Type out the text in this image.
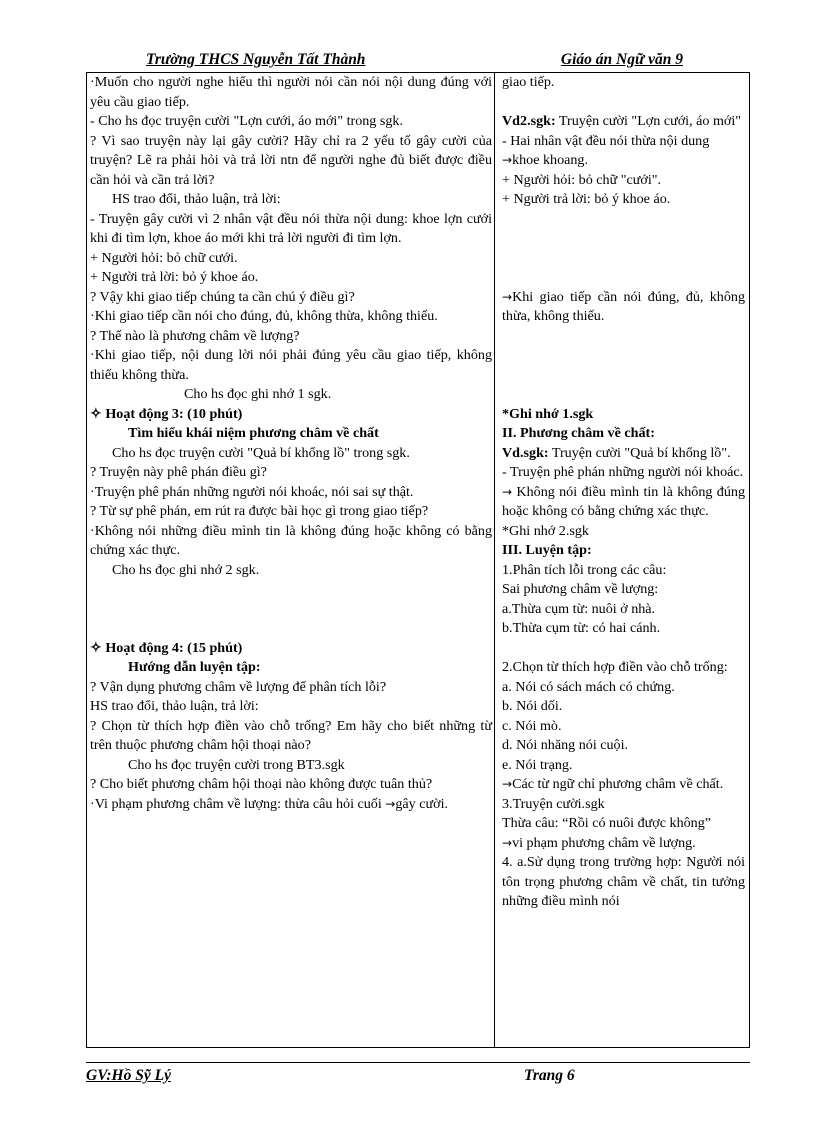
Trường THCS Nguyễn Tất Thành	Giáo án Ngữ văn 9

·Muốn cho người nghe hiểu thì người nói cần nói nội dung đúng với yêu cầu giao tiếp.

- Cho hs đọc truyện cười "Lợn cưới, áo mới" trong sgk.

? Vì sao truyện này lại gây cười? Hãy chỉ ra 2 yếu tố gây cười của truyện? Lẽ ra phải hỏi và trả lời ntn để người nghe đủ biết được điều cần hỏi và cần trả lời?

HS trao đổi, thảo luận, trả lời:

- Truyện gây cười vì 2 nhân vật đều nói thừa nội dung: khoe lợn cưới khi đi tìm lợn, khoe áo mới khi trả lời người đi tìm lợn.

+ Người hỏi: bỏ chữ cưới.

+ Người trả lời: bỏ ý khoe áo.

? Vậy khi giao tiếp chúng ta cần chú ý điều gì?

·Khi giao tiếp cần nói cho đúng, đủ, không thừa, không thiếu.

? Thế nào là phương châm về lượng?

·Khi giao tiếp, nội dung lời nói phải đúng yêu cầu giao tiếp, không thiếu không thừa.

Cho hs đọc ghi nhớ 1 sgk.

✧ Hoạt động 3: (10 phút)

Tìm hiểu khái niệm phương châm về chất

Cho hs đọc truyện cười "Quả bí khổng lồ" trong sgk.

? Truyện này phê phán điều gì?

·Truyện phê phán những người nói khoác, nói sai sự thật.

? Từ sự phê phán, em rút ra được bài học gì trong giao tiếp?

·Không nói những điều mình tin là không đúng hoặc không có bằng chứng xác thực.

Cho hs đọc ghi nhớ 2 sgk.

✧ Hoạt động 4: (15 phút)

Hướng dẫn luyện tập:

? Vận dụng phương châm về lượng để phân tích lỗi?

HS trao đổi, thảo luận, trả lời:

? Chọn từ thích hợp điền vào chỗ trống? Em hãy cho biết những từ trên thuộc phương châm hội thoại nào?

Cho hs đọc truyện cười trong BT3.sgk

? Cho biết phương châm hội thoại nào không được tuân thủ?

·Vi phạm phương châm về lượng: thừa câu hỏi cuối →gây cười.

giao tiếp.

Vd2.sgk: Truyện cười "Lợn cưới, áo mới"

- Hai nhân vật đều nói thừa nội dung

→khoe khoang.

+ Người hỏi: bỏ chữ "cưới".

+ Người trả lời: bỏ ý khoe áo.

→Khi giao tiếp cần nói đúng, đủ, không thừa, không thiếu.

*Ghi nhớ 1.sgk

II. Phương châm về chất:

Vd.sgk: Truyện cười "Quả bí khổng lồ".

- Truyện phê phán những người nói khoác.

→ Không nói điều mình tin là không đúng hoặc không có bằng chứng xác thực.

*Ghi nhớ 2.sgk

III. Luyện tập:

1.Phân tích lỗi trong các câu:

Sai phương châm về lượng:

a.Thừa cụm từ: nuôi ở nhà.

b.Thừa cụm từ: có hai cánh.

2.Chọn từ thích hợp điền vào chỗ trống:

a. Nói có sách mách có chứng.

b. Nói dối.

c. Nói mò.

d. Nói nhăng nói cuội.

e. Nói trạng.

→Các từ ngữ chỉ phương châm về chất.

3.Truyện cười.sgk

Thừa câu: “Rồi có nuôi được không”

→vi phạm phương châm về lượng.

4. a.Sử dụng trong trường hợp: Người nói tôn trọng phương châm về chất, tin tưởng những điều mình nói

GV:Hồ Sỹ Lý	Trang 6
